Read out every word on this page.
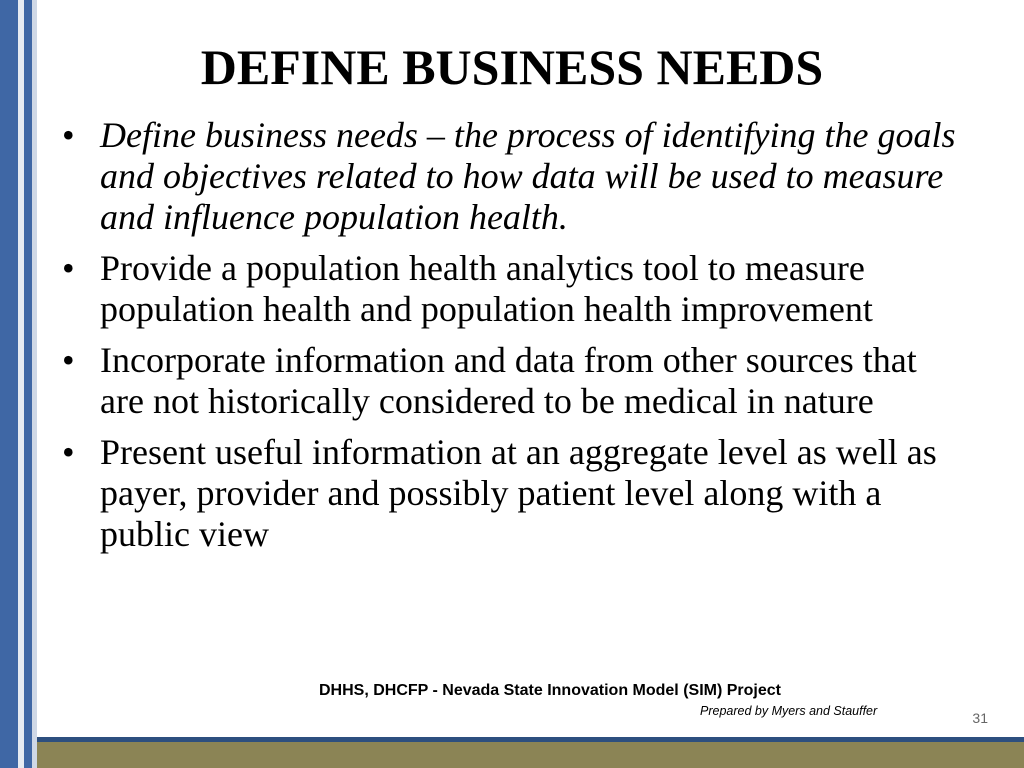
DEFINE BUSINESS NEEDS
• Define business needs – the process of identifying the goals and objectives related to how data will be used to measure and influence population health.
• Provide a population health analytics tool to measure population health and population health improvement
• Incorporate information and data from other sources that are not historically considered to be medical in nature
• Present useful information at an aggregate level as well as payer, provider and possibly patient level along with a public view
DHHS, DHCFP - Nevada State Innovation Model (SIM) Project
Prepared by Myers and Stauffer	31
